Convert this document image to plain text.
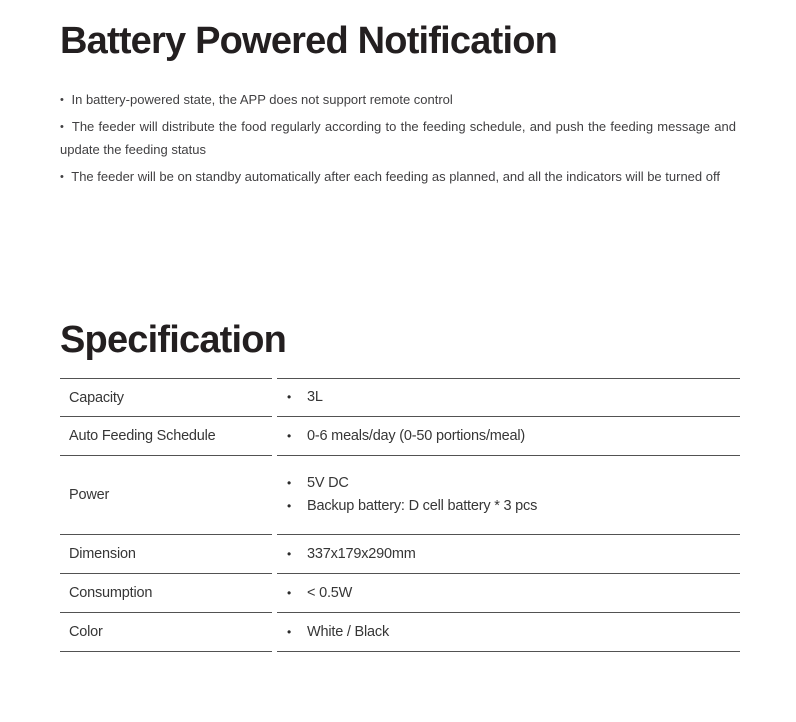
Battery Powered Notification

• In battery-powered state, the APP does not support remote control

• The feeder will distribute the food regularly according to the feeding schedule, and push the feeding message and update the feeding status

• The feeder will be on standby automatically after each feeding as planned, and all the indicators will be turned off

Specification
Capacity	• 3L

Auto Feeding Schedule	• 0-6 meals/day (0-50 portions/meal)

Power	• 5V DC
• Backup battery: D cell battery * 3 pcs

Dimension	• 337x179x290mm

Consumption	• < 0.5W

Color	• White / Black
